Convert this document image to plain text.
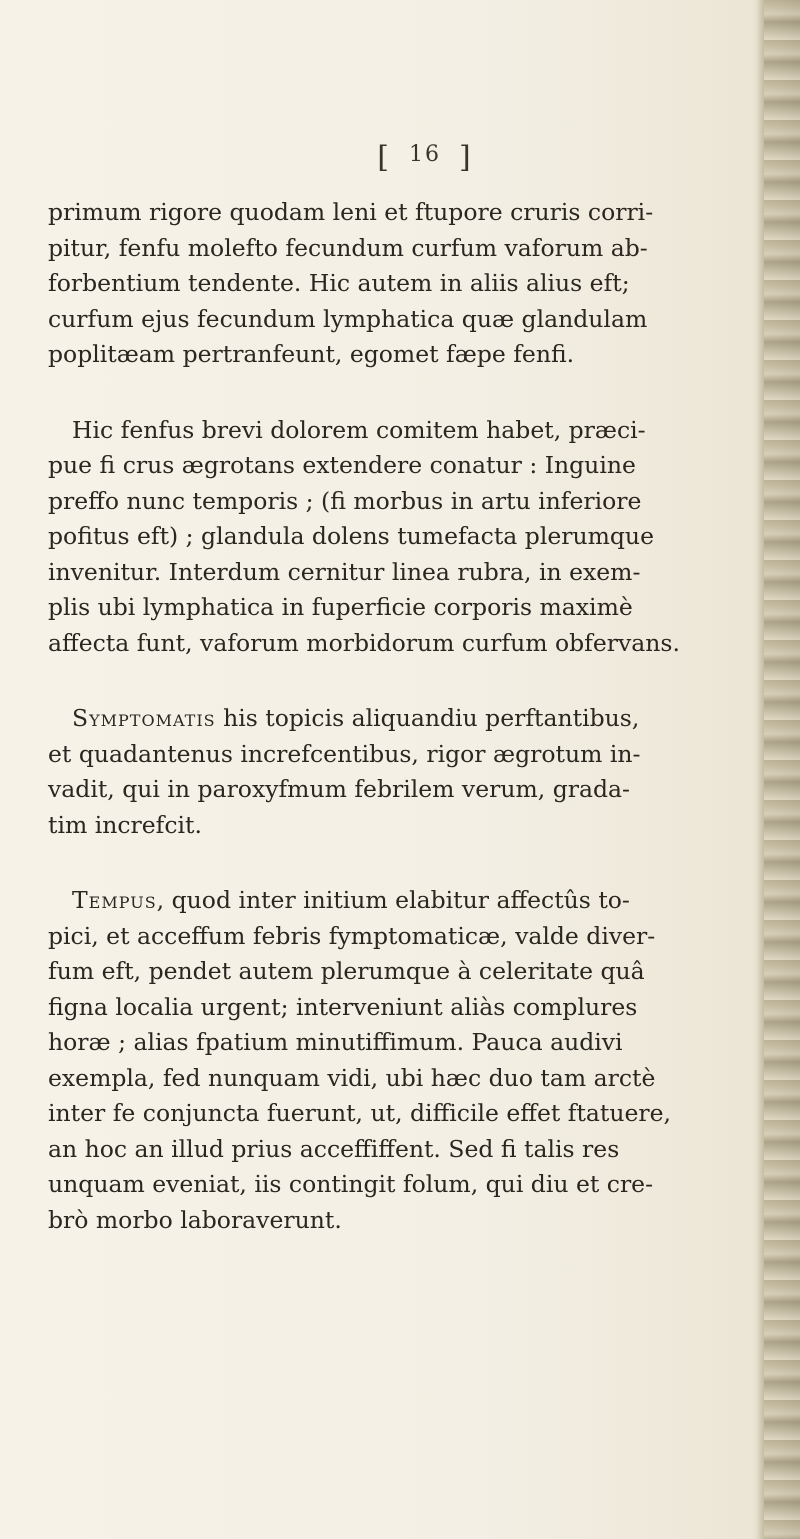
[ $^{16}$ ]

primum rigore quodam leni et ftupore cruris corri-
pitur, fenfu molefto fecundum curfum vaforum ab-
forbentium tendente. Hic autem in aliis alius eft;
curfum ejus fecundum lymphatica quæ glandulam
poplitæam pertranfeunt, egomet fæpe fenfi.

Hic fenfus brevi dolorem comitem habet, præci-
pue fi crus ægrotans extendere conatur : Inguine
preffo nunc temporis ; (fi morbus in artu inferiore
pofitus eft) ; glandula dolens tumefacta plerumque
invenitur. Interdum cernitur linea rubra, in exem-
plis ubi lymphatica in fuperficie corporis maximè
affecta funt, vaforum morbidorum curfum obfervans.

Symptomatis his topicis aliquandiu perftantibus,
et quadantenus increfcentibus, rigor ægrotum in-
vadit, qui in paroxyfmum febrilem verum, grada-
tim increfcit.

Tempus, quod inter initium elabitur affectûs to-
pici, et acceffum febris fymptomaticæ, valde diver-
fum eft, pendet autem plerumque à celeritate quâ
figna localia urgent; interveniunt aliàs complures
horæ ; alias fpatium minutiffimum. Pauca audivi
exempla, fed nunquam vidi, ubi hæc duo tam arctè
inter fe conjuncta fuerunt, ut, difficile effet ftatuere,
an hoc an illud prius acceffiffent. Sed fi talis res
unquam eveniat, iis contingit folum, qui diu et cre-
brò morbo laboraverunt.
